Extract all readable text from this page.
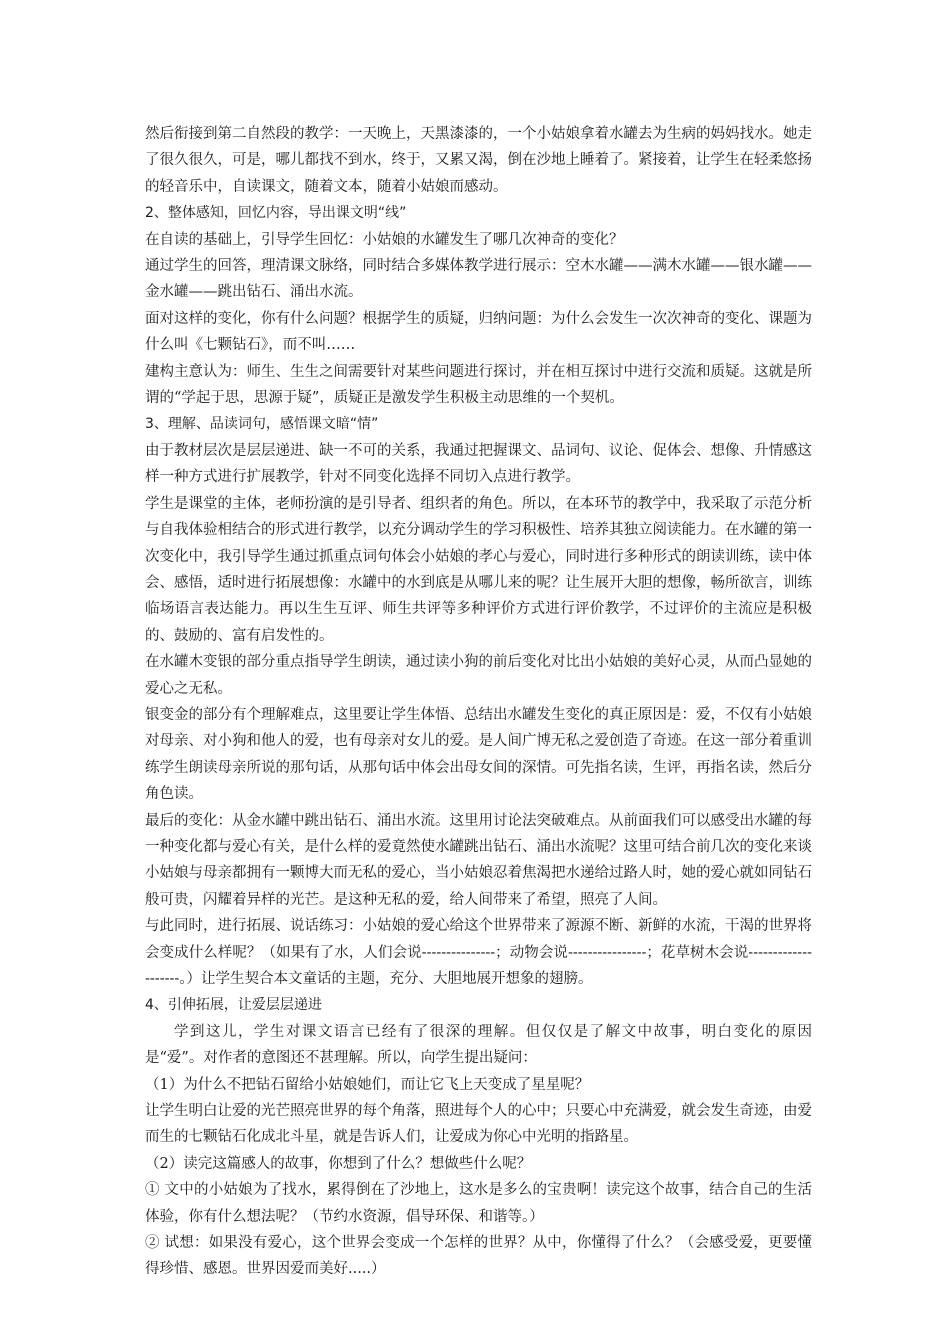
然后衔接到第二自然段的教学：一天晚上，天黑漆漆的，一个小姑娘拿着水罐去为生病的妈妈找水。她走了很久很久，可是，哪儿都找不到水，终于，又累又渴，倒在沙地上睡着了。紧接着，让学生在轻柔悠扬的轻音乐中，自读课文，随着文本，随着小姑娘而感动。

2、整体感知，回忆内容，导出课文明“线”

在自读的基础上，引导学生回忆：小姑娘的水罐发生了哪几次神奇的变化？

通过学生的回答，理清课文脉络，同时结合多媒体教学进行展示：空木水罐——满木水罐——银水罐——金水罐——跳出钻石、涌出水流。

面对这样的变化，你有什么问题？根据学生的质疑，归纳问题：为什么会发生一次次神奇的变化、课题为什么叫《七颗钻石》，而不叫……

建构主意认为：师生、生生之间需要针对某些问题进行探讨，并在相互探讨中进行交流和质疑。这就是所谓的“学起于思，思源于疑”，质疑正是激发学生积极主动思维的一个契机。

3、理解、品读词句，感悟课文暗“情”

由于教材层次是层层递进、缺一不可的关系，我通过把握课文、品词句、议论、促体会、想像、升情感这样一种方式进行扩展教学，针对不同变化选择不同切入点进行教学。

学生是课堂的主体，老师扮演的是引导者、组织者的角色。所以，在本环节的教学中，我采取了示范分析与自我体验相结合的形式进行教学，以充分调动学生的学习积极性、培养其独立阅读能力。在水罐的第一次变化中，我引导学生通过抓重点词句体会小姑娘的孝心与爱心，同时进行多种形式的朗读训练，读中体会、感悟，适时进行拓展想像：水罐中的水到底是从哪儿来的呢？让生展开大胆的想像，畅所欲言，训练临场语言表达能力。再以生生互评、师生共评等多种评价方式进行评价教学，不过评价的主流应是积极的、鼓励的、富有启发性的。

在水罐木变银的部分重点指导学生朗读，通过读小狗的前后变化对比出小姑娘的美好心灵，从而凸显她的爱心之无私。

银变金的部分有个理解难点，这里要让学生体悟、总结出水罐发生变化的真正原因是：爱，不仅有小姑娘对母亲、对小狗和他人的爱，也有母亲对女儿的爱。是人间广博无私之爱创造了奇迹。在这一部分着重训练学生朗读母亲所说的那句话，从那句话中体会出母女间的深情。可先指名读，生评，再指名读，然后分角色读。

最后的变化：从金水罐中跳出钻石、涌出水流。这里用讨论法突破难点。从前面我们可以感受出水罐的每一种变化都与爱心有关，是什么样的爱竟然使水罐跳出钻石、涌出水流呢？这里可结合前几次的变化来谈小姑娘与母亲都拥有一颗博大而无私的爱心，当小姑娘忍着焦渴把水递给过路人时，她的爱心就如同钻石般可贵，闪耀着异样的光芒。是这种无私的爱，给人间带来了希望，照亮了人间。

与此同时，进行拓展、说话练习：小姑娘的爱心给这个世界带来了源源不断、新鲜的水流，干渴的世界将会变成什么样呢？（如果有了水，人们会说---------------；动物会说----------------；花草树木会说--------------------。）让学生契合本文童话的主题，充分、大胆地展开想象的翅膀。

4、引伸拓展，让爱层层递进

学到这儿，学生对课文语言已经有了很深的理解。但仅仅是了解文中故事，明白变化的原因是“爱”。对作者的意图还不甚理解。所以，向学生提出疑问：

（1）为什么不把钻石留给小姑娘她们，而让它飞上天变成了星星呢？

让学生明白让爱的光芒照亮世界的每个角落，照进每个人的心中；只要心中充满爱，就会发生奇迹，由爱而生的七颗钻石化成北斗星，就是告诉人们，让爱成为你心中光明的指路星。

（2）读完这篇感人的故事，你想到了什么？想做些什么呢？

① 文中的小姑娘为了找水，累得倒在了沙地上，这水是多么的宝贵啊！读完这个故事，结合自己的生活体验，你有什么想法呢？（节约水资源，倡导环保、和谐等。）

② 试想：如果没有爱心，这个世界会变成一个怎样的世界？从中，你懂得了什么？（会感受爱，更要懂得珍惜、感恩。世界因爱而美好.....）
